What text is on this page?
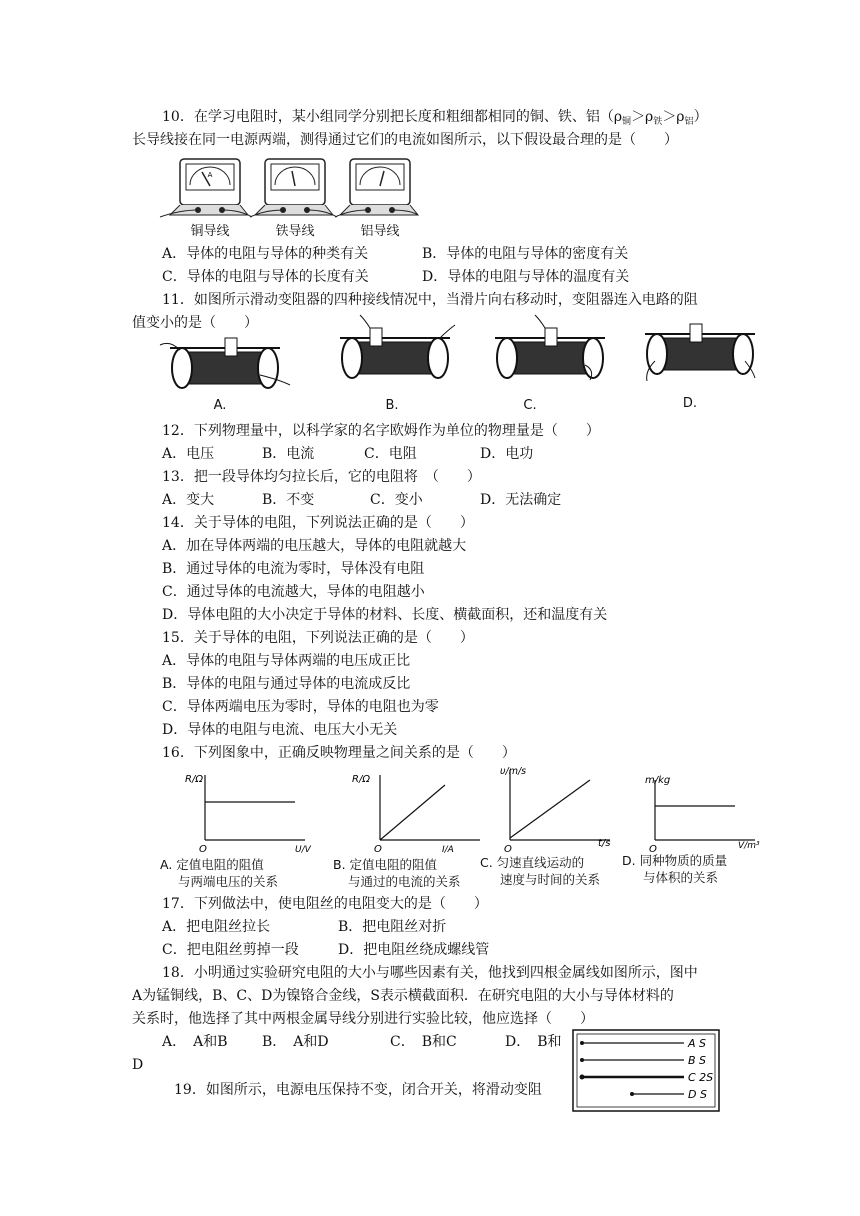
10．在学习电阻时，某小组同学分别把长度和粗细都相同的铜、铁、铝$(\rho_铜>\rho_铁>\rho_铝)$
长导线接在同一电源两端，测得通过它们的电流如图所示，以下假设最合理的是（　　）
A
铜导线	铁导线	铝导线
A．导体的电阻与导体的种类有关	B．导体的电阻与导体的密度有关
C．导体的电阻与导体的长度有关	D．导体的电阻与导体的温度有关
11．如图所示滑动变阻器的四种接线情况中，当滑片向右移动时，变阻器连入电路的阻
值变小的是（　　）
A.	B.	C.	D.
12．下列物理量中，以科学家的名字欧姆作为单位的物理量是（　　）
A．电压	B．电流	C．电阻	D．电功
13．把一段导体均匀拉长后，它的电阻将　（　　）
A．变大	B．不变	C．变小	D．无法确定
14．关于导体的电阻，下列说法正确的是（　　）
A．加在导体两端的电压越大，导体的电阻就越大
B．通过导体的电流为零时，导体没有电阻
C．通过导体的电流越大，导体的电阻越小
D．导体电阻的大小决定于导体的材料、长度、横截面积，还和温度有关
15．关于导体的电阻，下列说法正确的是（　　）
A．导体的电阻与导体两端的电压成正比
B．导体的电阻与通过导体的电流成反比
C．导体两端电压为零时，导体的电阻也为零
D．导体的电阻与电流、电压大小无关
16．下列图象中，正确反映物理量之间关系的是（　　）
R/Ω
O	U/V
R/Ω
O	I/A
υ/m/s
O
t/s
m/kg
O	V/m³
A. 定值电阻的阻值
与两端电压的关系
B. 定值电阻的阻值
与通过的电流的关系
C. 匀速直线运动的
速度与时间的关系
D. 同种物质的质量
与体积的关系
17．下列做法中，使电阻丝的电阻变大的是（　　）
A．把电阻丝拉长	B．把电阻丝对折
C．把电阻丝剪掉一段	D．把电阻丝绕成螺线管
18．小明通过实验研究电阻的大小与哪些因素有关，他找到四根金属线如图所示，图中
A为锰铜线，B、C、D为镍铬合金线，S表示横截面积．在研究电阻的大小与导体材料的
关系时，他选择了其中两根金属导线分别进行实验比较，他应选择（　　）
A．　A和B B．　A和D	C．　B和C	D．　B和
D
A S
B S
C 2S
D S
19．如图所示，电源电压保持不变，闭合开关，将滑动变阻
